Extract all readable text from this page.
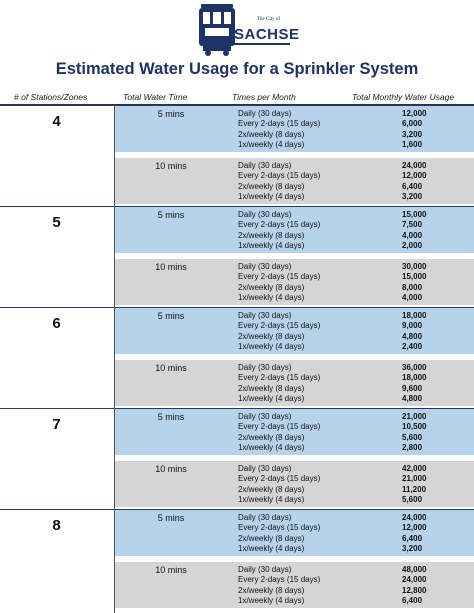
The City of
SACHSE
Estimated Water Usage for a Sprinkler System
# of Stations/Zones	Total Water Time	Times per Month	Total Monthly Water Usage
4	5 mins	Daily (30 days)	12,000
Every 2-days (15 days)	6,000
2x/weekly (8 days)	3,200
1x/weekly (4 days)	1,600
10 mins	Daily (30 days)	24,000
Every 2-days (15 days)	12,000
2x/weekly (8 days)	6,400
1x/weekly (4 days)	3,200
5	5 mins	Daily (30 days)	15,000
Every 2-days (15 days)	7,500
2x/weekly (8 days)	4,000
1x/weekly (4 days)	2,000
10 mins	Daily (30 days)	30,000
Every 2-days (15 days)	15,000
2x/weekly (8 days)	8,000
1x/weekly (4 days)	4,000
6	5 mins	Daily (30 days)	18,000
Every 2-days (15 days)	9,000
2x/weekly (8 days)	4,800
1x/weekly (4 days)	2,400
10 mins	Daily (30 days)	36,000
Every 2-days (15 days)	18,000
2x/weekly (8 days)	9,600
1x/weekly (4 days)	4,800
7	5 mins	Daily (30 days)	21,000
Every 2-days (15 days)	10,500
2x/weekly (8 days)	5,600
1x/weekly (4 days)	2,800
10 mins	Daily (30 days)	42,000
Every 2-days (15 days)	21,000
2x/weekly (8 days)	11,200
1x/weekly (4 days)	5,600
8	5 mins	Daily (30 days)	24,000
Every 2-days (15 days)	12,000
2x/weekly (8 days)	6,400
1x/weekly (4 days)	3,200
10 mins	Daily (30 days)	48,000
Every 2-days (15 days)	24,000
2x/weekly (8 days)	12,800
1x/weekly (4 days)	6,400
